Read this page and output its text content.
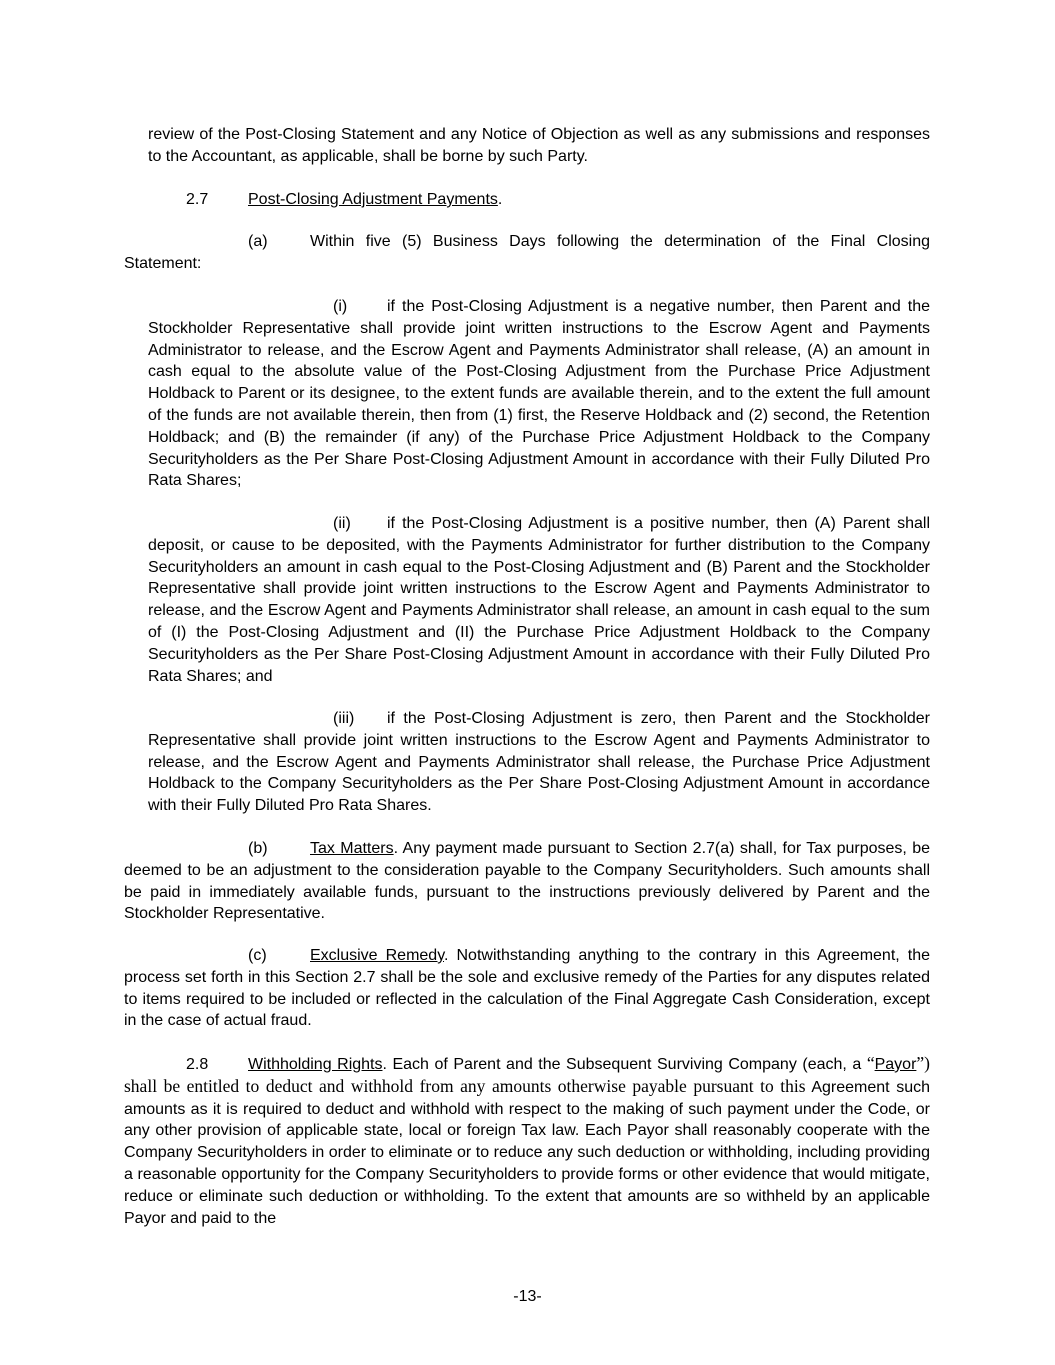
review of the Post-Closing Statement and any Notice of Objection as well as any submissions and responses to the Accountant, as applicable, shall be borne by such Party.
2.7 Post-Closing Adjustment Payments.
(a)	Within five (5) Business Days following the determination of the Final Closing Statement:
(i) if the Post-Closing Adjustment is a negative number, then Parent and the Stockholder Representative shall provide joint written instructions to the Escrow Agent and Payments Administrator to release, and the Escrow Agent and Payments Administrator shall release, (A) an amount in cash equal to the absolute value of the Post-Closing Adjustment from the Purchase Price Adjustment Holdback to Parent or its designee, to the extent funds are available therein, and to the extent the full amount of the funds are not available therein, then from (1) first, the Reserve Holdback and (2) second, the Retention Holdback; and (B) the remainder (if any) of the Purchase Price Adjustment Holdback to the Company Securityholders as the Per Share Post-Closing Adjustment Amount in accordance with their Fully Diluted Pro Rata Shares;
(ii) if the Post-Closing Adjustment is a positive number, then (A) Parent shall deposit, or cause to be deposited, with the Payments Administrator for further distribution to the Company Securityholders an amount in cash equal to the Post-Closing Adjustment and (B) Parent and the Stockholder Representative shall provide joint written instructions to the Escrow Agent and Payments Administrator to release, and the Escrow Agent and Payments Administrator shall release, an amount in cash equal to the sum of (I) the Post-Closing Adjustment and (II) the Purchase Price Adjustment Holdback to the Company Securityholders as the Per Share Post-Closing Adjustment Amount in accordance with their Fully Diluted Pro Rata Shares; and
(iii) if the Post-Closing Adjustment is zero, then Parent and the Stockholder Representative shall provide joint written instructions to the Escrow Agent and Payments Administrator to release, and the Escrow Agent and Payments Administrator shall release, the Purchase Price Adjustment Holdback to the Company Securityholders as the Per Share Post-Closing Adjustment Amount in accordance with their Fully Diluted Pro Rata Shares.
(b)	Tax Matters. Any payment made pursuant to Section 2.7(a) shall, for Tax purposes, be deemed to be an adjustment to the consideration payable to the Company Securityholders. Such amounts shall be paid in immediately available funds, pursuant to the instructions previously delivered by Parent and the Stockholder Representative.
(c)	Exclusive Remedy. Notwithstanding anything to the contrary in this Agreement, the process set forth in this Section 2.7 shall be the sole and exclusive remedy of the Parties for any disputes related to items required to be included or reflected in the calculation of the Final Aggregate Cash Consideration, except in the case of actual fraud.
2.8 Withholding Rights. Each of Parent and the Subsequent Surviving Company (each, a “Payor”) shall be entitled to deduct and withhold from any amounts otherwise payable pursuant to this Agreement such amounts as it is required to deduct and withhold with respect to the making of such payment under the Code, or any other provision of applicable state, local or foreign Tax law. Each Payor shall reasonably cooperate with the Company Securityholders in order to eliminate or to reduce any such deduction or withholding, including providing a reasonable opportunity for the Company Securityholders to provide forms or other evidence that would mitigate, reduce or eliminate such deduction or withholding. To the extent that amounts are so withheld by an applicable Payor and paid to the
-13-
